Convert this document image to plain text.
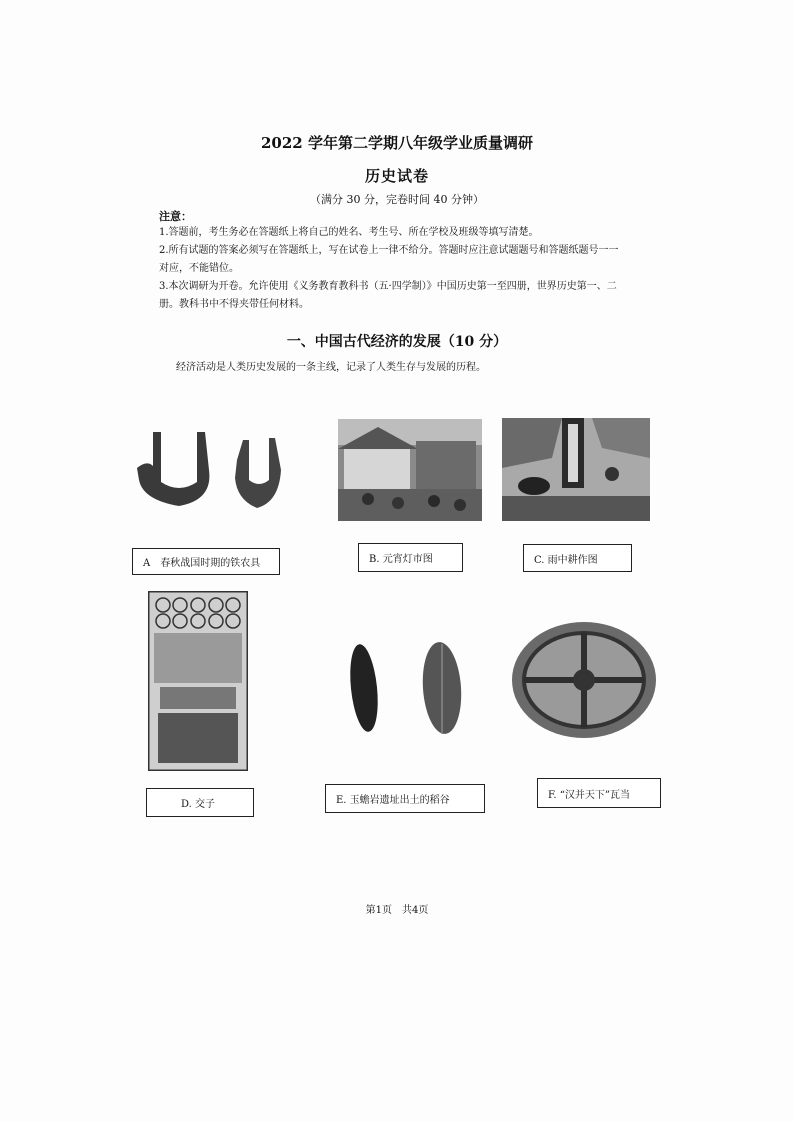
2022 学年第二学期八年级学业质量调研
历史试卷
（满分 30 分，完卷时间 40 分钟）
注意：
1.答题前，考生务必在答题纸上将自己的姓名、考生号、所在学校及班级等填写清楚。
2.所有试题的答案必须写在答题纸上，写在试卷上一律不给分。答题时应注意试题题号和答题纸题号一一对应，不能错位。
3.本次调研为开卷。允许使用《义务教育教科书（五·四学制）》中国历史第一至四册，世界历史第一、二册。教科书中不得夹带任何材料。
一、中国古代经济的发展（10 分）
经济活动是人类历史发展的一条主线，记录了人类生存与发展的历程。
A　春秋战国时期的铁农具	B. 元宵灯市图	C. 雨中耕作图
D. 交子	E. 玉蟾岩遗址出土的稻谷	F. “汉并天下”瓦当
第1页　共4页
